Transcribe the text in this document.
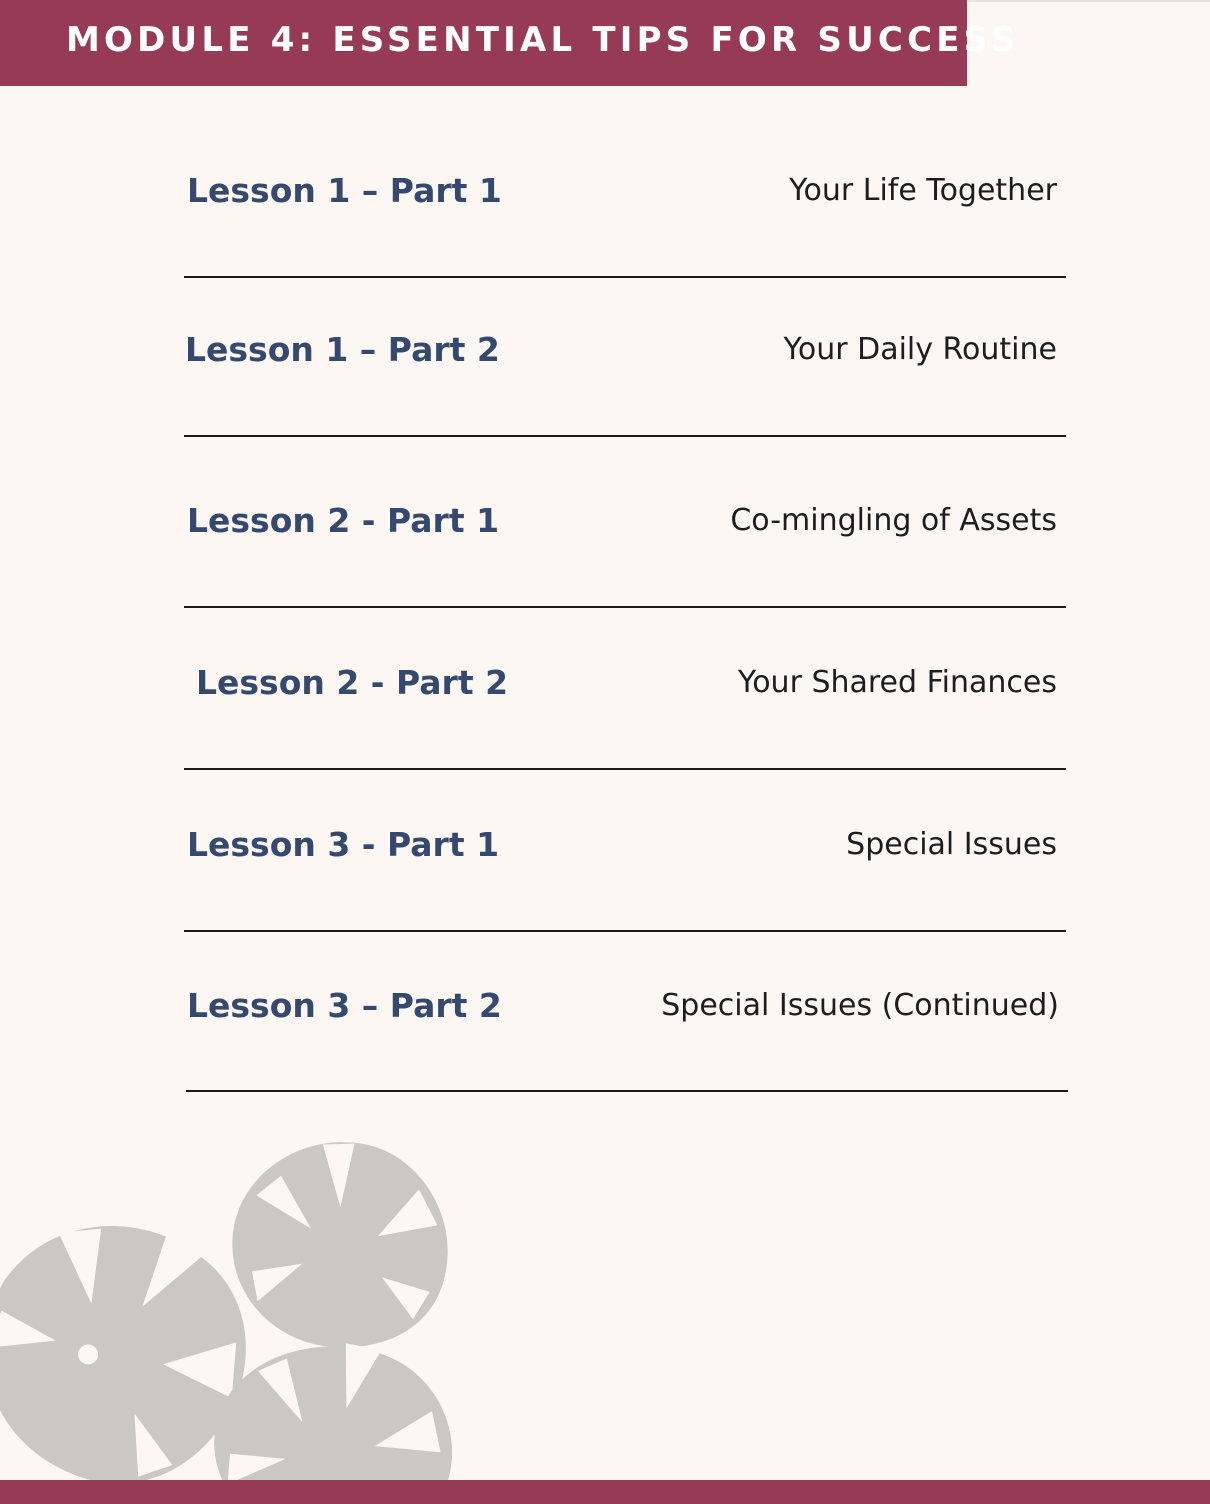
MODULE 4: ESSENTIAL TIPS FOR SUCCESS
Lesson 1 – Part 1	Your Life Together
Lesson 1 – Part 2	Your Daily Routine
Lesson 2 - Part 1	Co-mingling of Assets
Lesson 2 - Part 2	Your Shared Finances
Lesson 3 - Part 1	Special Issues
Lesson 3 – Part 2	Special Issues (Continued)
